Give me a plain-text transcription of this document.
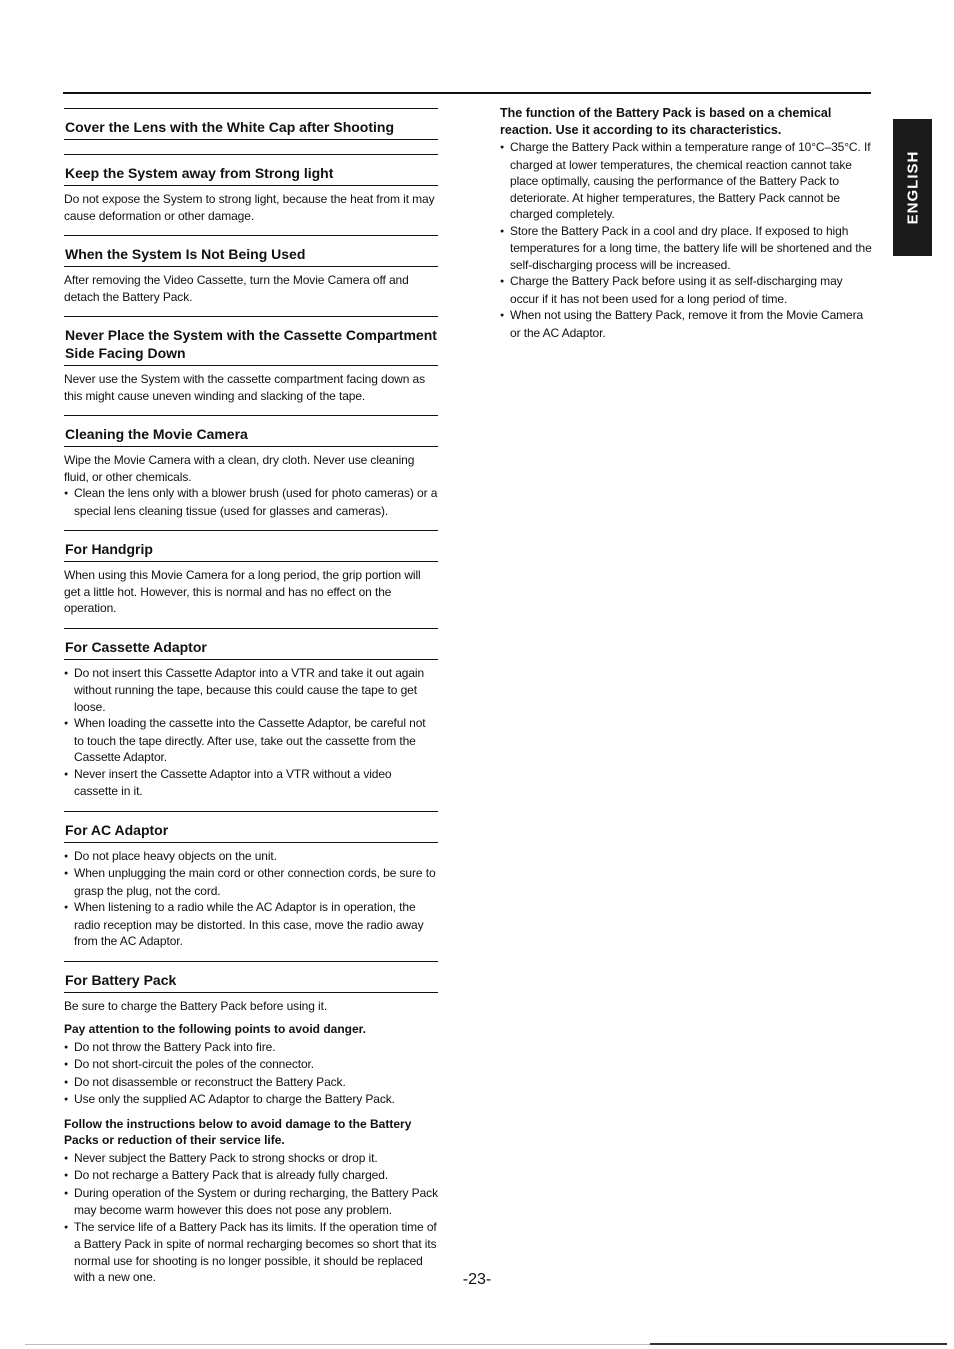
Cover the Lens with the White Cap after Shooting
Keep the System away from Strong light

Do not expose the System to strong light, because the heat from it may cause deformation or other damage.

When the System Is Not Being Used

After removing the Video Cassette, turn the Movie Camera off and detach the Battery Pack.

Never Place the System with the Cassette Compartment Side Facing Down

Never use the System with the cassette compartment facing down as this might cause uneven winding and slacking of the tape.

Cleaning the Movie Camera

Wipe the Movie Camera with a clean, dry cloth. Never use cleaning fluid, or other chemicals.

● Clean the lens only with a blower brush (used for photo cameras) or a special lens cleaning tissue (used for glasses and cameras).
For Handgrip

When using this Movie Camera for a long period, the grip portion will get a little hot. However, this is normal and has no effect on the operation.

For Cassette Adaptor
● Do not insert this Cassette Adaptor into a VTR and take it out again without running the tape, because this could cause the tape to get loose.
● When loading the cassette into the Cassette Adaptor, be careful not to touch the tape directly. After use, take out the cassette from the Cassette Adaptor.
● Never insert the Cassette Adaptor into a VTR without a video cassette in it.
For AC Adaptor
● Do not place heavy objects on the unit.
● When unplugging the main cord or other connection cords, be sure to grasp the plug, not the cord.
● When listening to a radio while the AC Adaptor is in operation, the radio reception may be distorted. In this case, move the radio away from the AC Adaptor.
For Battery Pack

Be sure to charge the Battery Pack before using it.

Pay attention to the following points to avoid danger.

● Do not throw the Battery Pack into fire.
● Do not short-circuit the poles of the connector.
● Do not disassemble or reconstruct the Battery Pack.
● Use only the supplied AC Adaptor to charge the Battery Pack.

Follow the instructions below to avoid damage to the Battery Packs or reduction of their service life.

● Never subject the Battery Pack to strong shocks or drop it.
● Do not recharge a Battery Pack that is already fully charged.
● During operation of the System or during recharging, the Battery Pack may become warm however this does not pose any problem.
● The service life of a Battery Pack has its limits. If the operation time of a Battery Pack in spite of normal recharging becomes so short that its normal use for shooting is no longer possible, it should be replaced with a new one.

The function of the Battery Pack is based on a chemical reaction. Use it according to its characteristics.

● Charge the Battery Pack within a temperature range of 10°C–35°C. If charged at lower temperatures, the chemical reaction cannot take place optimally, causing the performance of the Battery Pack to deteriorate. At higher temperatures, the Battery Pack cannot be charged completely.
● Store the Battery Pack in a cool and dry place. If exposed to high temperatures for a long time, the battery life will be shortened and the self-discharging process will be increased.
● Charge the Battery Pack before using it as self-discharging may occur if it has not been used for a long period of time.
● When not using the Battery Pack, remove it from the Movie Camera or the AC Adaptor.
ENGLISH
-23-
